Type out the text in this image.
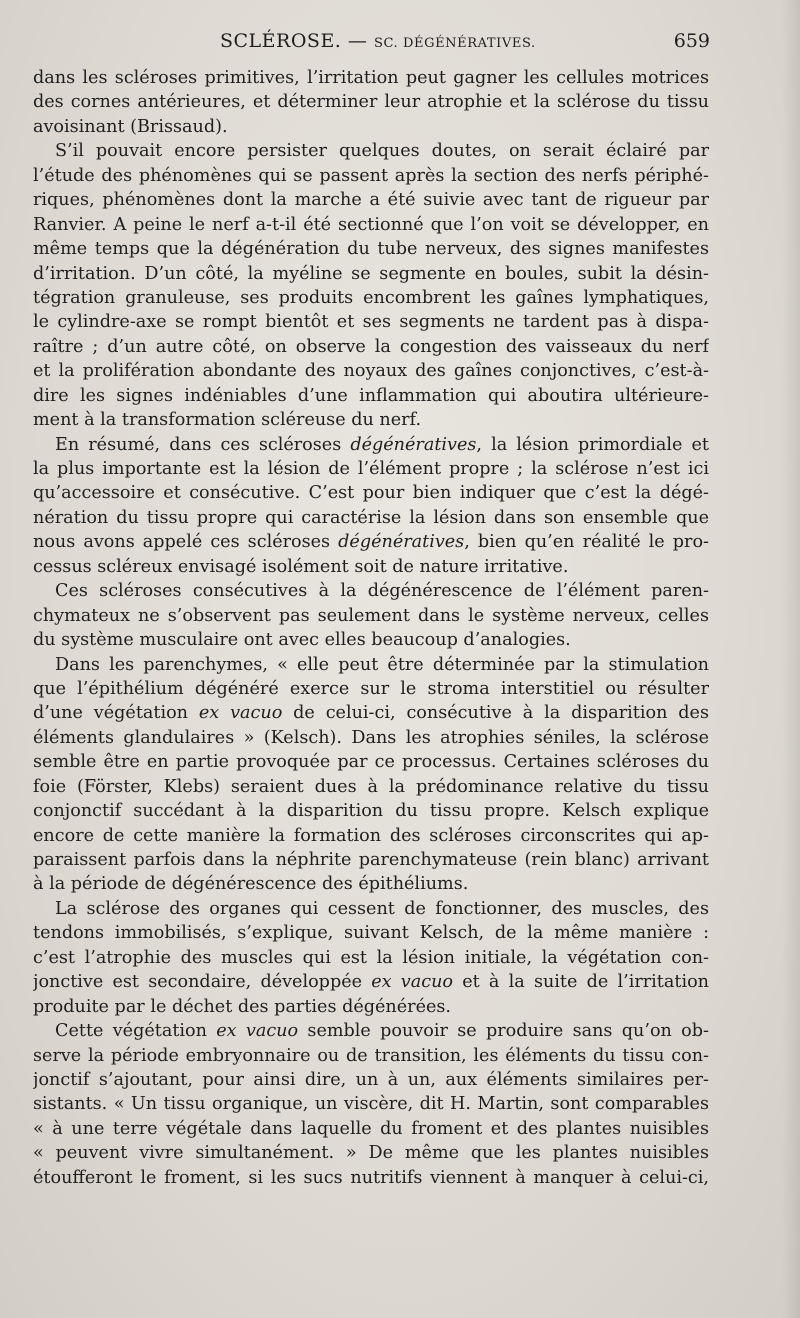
SCLÉROSE. — SC. DÉGÉNÉRATIVES.	659
dans les scléroses primitives, l’irritation peut gagner les cellules motrices
des cornes antérieures, et déterminer leur atrophie et la sclérose du tissu
avoisinant (Brissaud).
S’il pouvait encore persister quelques doutes, on serait éclairé par
l’étude des phénomènes qui se passent après la section des nerfs périphé-
riques, phénomènes dont la marche a été suivie avec tant de rigueur par
Ranvier. A peine le nerf a-t-il été sectionné que l’on voit se développer, en
même temps que la dégénération du tube nerveux, des signes manifestes
d’irritation. D’un côté, la myéline se segmente en boules, subit la désin-
tégration granuleuse, ses produits encombrent les gaînes lymphatiques,
le cylindre-axe se rompt bientôt et ses segments ne tardent pas à dispa-
raître ; d’un autre côté, on observe la congestion des vaisseaux du nerf
et la prolifération abondante des noyaux des gaînes conjonctives, c’est-à-
dire les signes indéniables d’une inflammation qui aboutira ultérieure-
ment à la transformation scléreuse du nerf.
En résumé, dans ces scléroses dégénératives, la lésion primordiale et
la plus importante est la lésion de l’élément propre ; la sclérose n’est ici
qu’accessoire et consécutive. C’est pour bien indiquer que c’est la dégé-
nération du tissu propre qui caractérise la lésion dans son ensemble que
nous avons appelé ces scléroses dégénératives, bien qu’en réalité le pro-
cessus scléreux envisagé isolément soit de nature irritative.
Ces scléroses consécutives à la dégénérescence de l’élément paren-
chymateux ne s’observent pas seulement dans le système nerveux, celles
du système musculaire ont avec elles beaucoup d’analogies.
Dans les parenchymes, « elle peut être déterminée par la stimulation
que l’épithélium dégénéré exerce sur le stroma interstitiel ou résulter
d’une végétation ex vacuo de celui-ci, consécutive à la disparition des
éléments glandulaires » (Kelsch). Dans les atrophies séniles, la sclérose
semble être en partie provoquée par ce processus. Certaines scléroses du
foie (Förster, Klebs) seraient dues à la prédominance relative du tissu
conjonctif succédant à la disparition du tissu propre. Kelsch explique
encore de cette manière la formation des scléroses circonscrites qui ap-
paraissent parfois dans la néphrite parenchymateuse (rein blanc) arrivant
à la période de dégénérescence des épithéliums.
La sclérose des organes qui cessent de fonctionner, des muscles, des
tendons immobilisés, s’explique, suivant Kelsch, de la même manière :
c’est l’atrophie des muscles qui est la lésion initiale, la végétation con-
jonctive est secondaire, développée ex vacuo et à la suite de l’irritation
produite par le déchet des parties dégénérées.
Cette végétation ex vacuo semble pouvoir se produire sans qu’on ob-
serve la période embryonnaire ou de transition, les éléments du tissu con-
jonctif s’ajoutant, pour ainsi dire, un à un, aux éléments similaires per-
sistants. « Un tissu organique, un viscère, dit H. Martin, sont comparables
« à une terre végétale dans laquelle du froment et des plantes nuisibles
« peuvent vivre simultanément. » De même que les plantes nuisibles
étoufferont le froment, si les sucs nutritifs viennent à manquer à celui-ci,
